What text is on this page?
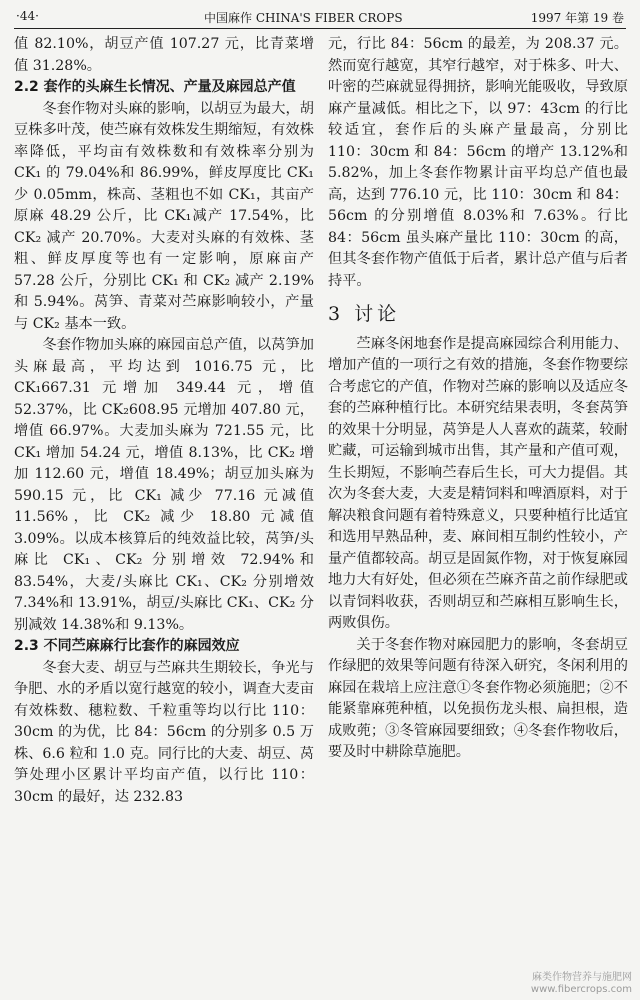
·44·	中国麻作 CHINA'S FIBER CROPS	1997 年第 19 卷

值 82.10%，胡豆产值 107.27 元，比青菜增值 31.28%。

2.2 套作的头麻生长情况、产量及麻园总产值

冬套作物对头麻的影响，以胡豆为最大，胡豆株多叶茂，使苎麻有效株发生期缩短，有效株率降低，平均亩有效株数和有效株率分别为 CK₁ 的 79.04%和 86.99%，鲜皮厚度比 CK₁ 少 0.05mm，株高、茎粗也不如 CK₁，其亩产原麻 48.29 公斤，比 CK₁减产 17.54%，比 CK₂ 减产 20.70%。大麦对头麻的有效株、茎粗、鲜皮厚度等也有一定影响，原麻亩产 57.28 公斤，分别比 CK₁ 和 CK₂ 减产 2.19%和 5.94%。莴笋、青菜对苎麻影响较小，产量与 CK₂ 基本一致。

冬套作物加头麻的麻园亩总产值，以莴笋加头麻最高，平均达到 1016.75 元，比 CK₁667.31 元增加 349.44 元，增值 52.37%，比 CK₂608.95 元增加 407.80 元，增值 66.97%。大麦加头麻为 721.55 元，比 CK₁ 增加 54.24 元，增值 8.13%，比 CK₂ 增加 112.60 元，增值 18.49%；胡豆加头麻为 590.15 元，比 CK₁ 减少 77.16 元减值 11.56%，比 CK₂ 减少 18.80 元减值 3.09%。以成本核算后的纯效益比较，莴笋/头麻比 CK₁、CK₂ 分别增效 72.94%和 83.54%，大麦/头麻比 CK₁、CK₂ 分别增效 7.34%和 13.91%，胡豆/头麻比 CK₁、CK₂ 分别减效 14.38%和 9.13%。

2.3 不同苎麻麻行比套作的麻园效应

冬套大麦、胡豆与苎麻共生期较长，争光与争肥、水的矛盾以宽行越宽的较小，调查大麦亩有效株数、穗粒数、千粒重等均以行比 110：30cm 的为优，比 84：56cm 的分别多 0.5 万株、6.6 粒和 1.0 克。同行比的大麦、胡豆、莴笋处理小区累计平均亩产值，以行比 110：30cm 的最好，达 232.83

元，行比 84：56cm 的最差，为 208.37 元。然而宽行越宽，其窄行越窄，对于株多、叶大、叶密的苎麻就显得拥挤，影响光能吸收，导致原麻产量减低。相比之下，以 97：43cm 的行比较适宜，套作后的头麻产量最高，分别比 110：30cm 和 84：56cm 的增产 13.12%和 5.82%，加上冬套作物累计亩平均总产值也最高，达到 776.10 元，比 110：30cm 和 84：56cm 的分别增值 8.03%和 7.63%。行比 84：56cm 虽头麻产量比 110：30cm 的高，但其冬套作物产值低于后者，累计总产值与后者持平。

3 讨论

苎麻冬闲地套作是提高麻园综合利用能力、增加产值的一项行之有效的措施，冬套作物要综合考虑它的产值，作物对苎麻的影响以及适应冬套的苎麻种植行比。本研究结果表明，冬套莴笋的效果十分明显，莴笋是人人喜欢的蔬菜，较耐贮藏，可运输到城市出售，其产量和产值可观，生长期短，不影响苎春后生长，可大力提倡。其次为冬套大麦，大麦是精饲料和啤酒原料，对于解决粮食问题有着特殊意义，只要种植行比适宜和选用早熟品种，麦、麻间相互制约性较小，产量产值都较高。胡豆是固氮作物，对于恢复麻园地力大有好处，但必须在苎麻齐苗之前作绿肥或以青饲料收获，否则胡豆和苎麻相互影响生长，两败俱伤。

关于冬套作物对麻园肥力的影响，冬套胡豆作绿肥的效果等问题有待深入研究，冬闲利用的麻园在栽培上应注意①冬套作物必须施肥；②不能紧靠麻蔸种植，以免损伤龙头根、扁担根，造成败蔸；③冬管麻园要细致；④冬套作物收后，要及时中耕除草施肥。

麻类作物营养与施肥网
www.fibercrops.com
